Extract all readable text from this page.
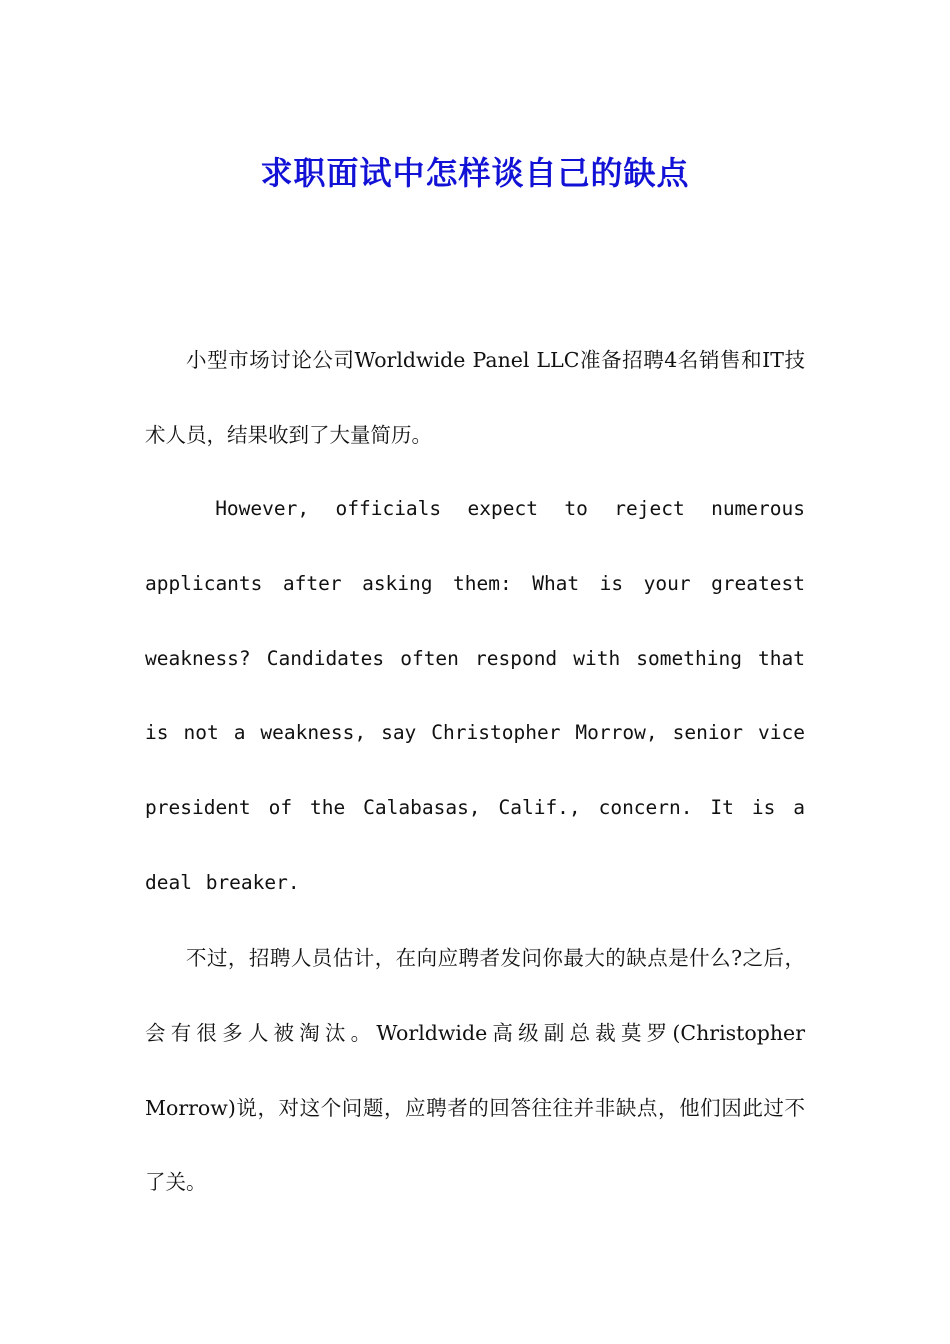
求职面试中怎样谈自己的缺点

小型市场讨论公司Worldwide Panel LLC准备招聘4名销售和IT技术人员，结果收到了大量简历。

However, officials expect to reject numerous applicants after asking them: What is your greatest weakness? Candidates often respond with something that is not a weakness, say Christopher Morrow, senior vice president of the Calabasas, Calif., concern. It is a deal breaker.

不过，招聘人员估计，在向应聘者发问你最大的缺点是什么?之后，会有很多人被淘汰。Worldwide高级副总裁莫罗(Christopher Morrow)说，对这个问题，应聘者的回答往往并非缺点，他们因此过不了关。
